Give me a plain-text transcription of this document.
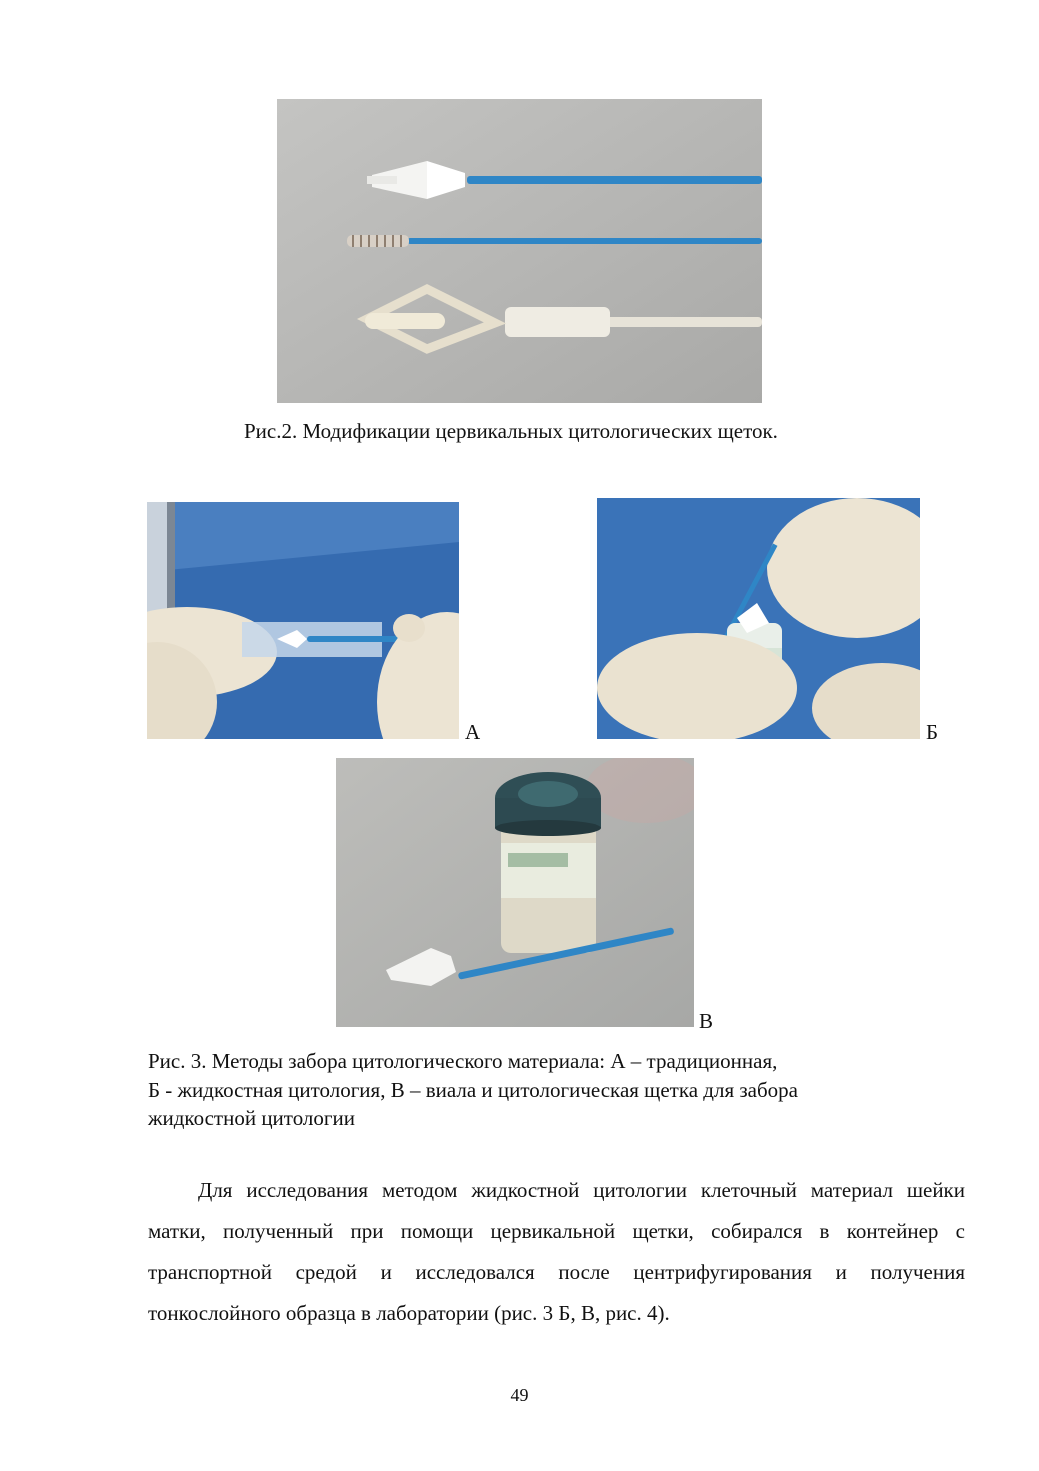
Рис.2. Модификации цервикальных цитологических щеток.
А	Б
В
Рис. 3. Методы забора цитологического материала: А – традиционная,
Б - жидкостная цитология, В – виала и цитологическая щетка для забора
жидкостной цитологии
Для исследования методом жидкостной цитологии клеточный материал шейки матки, полученный при помощи цервикальной щетки, собирался в контейнер с транспортной средой и исследовался после центрифугирования и получения тонкослойного образца в лаборатории (рис. 3 Б, В, рис. 4).
49
